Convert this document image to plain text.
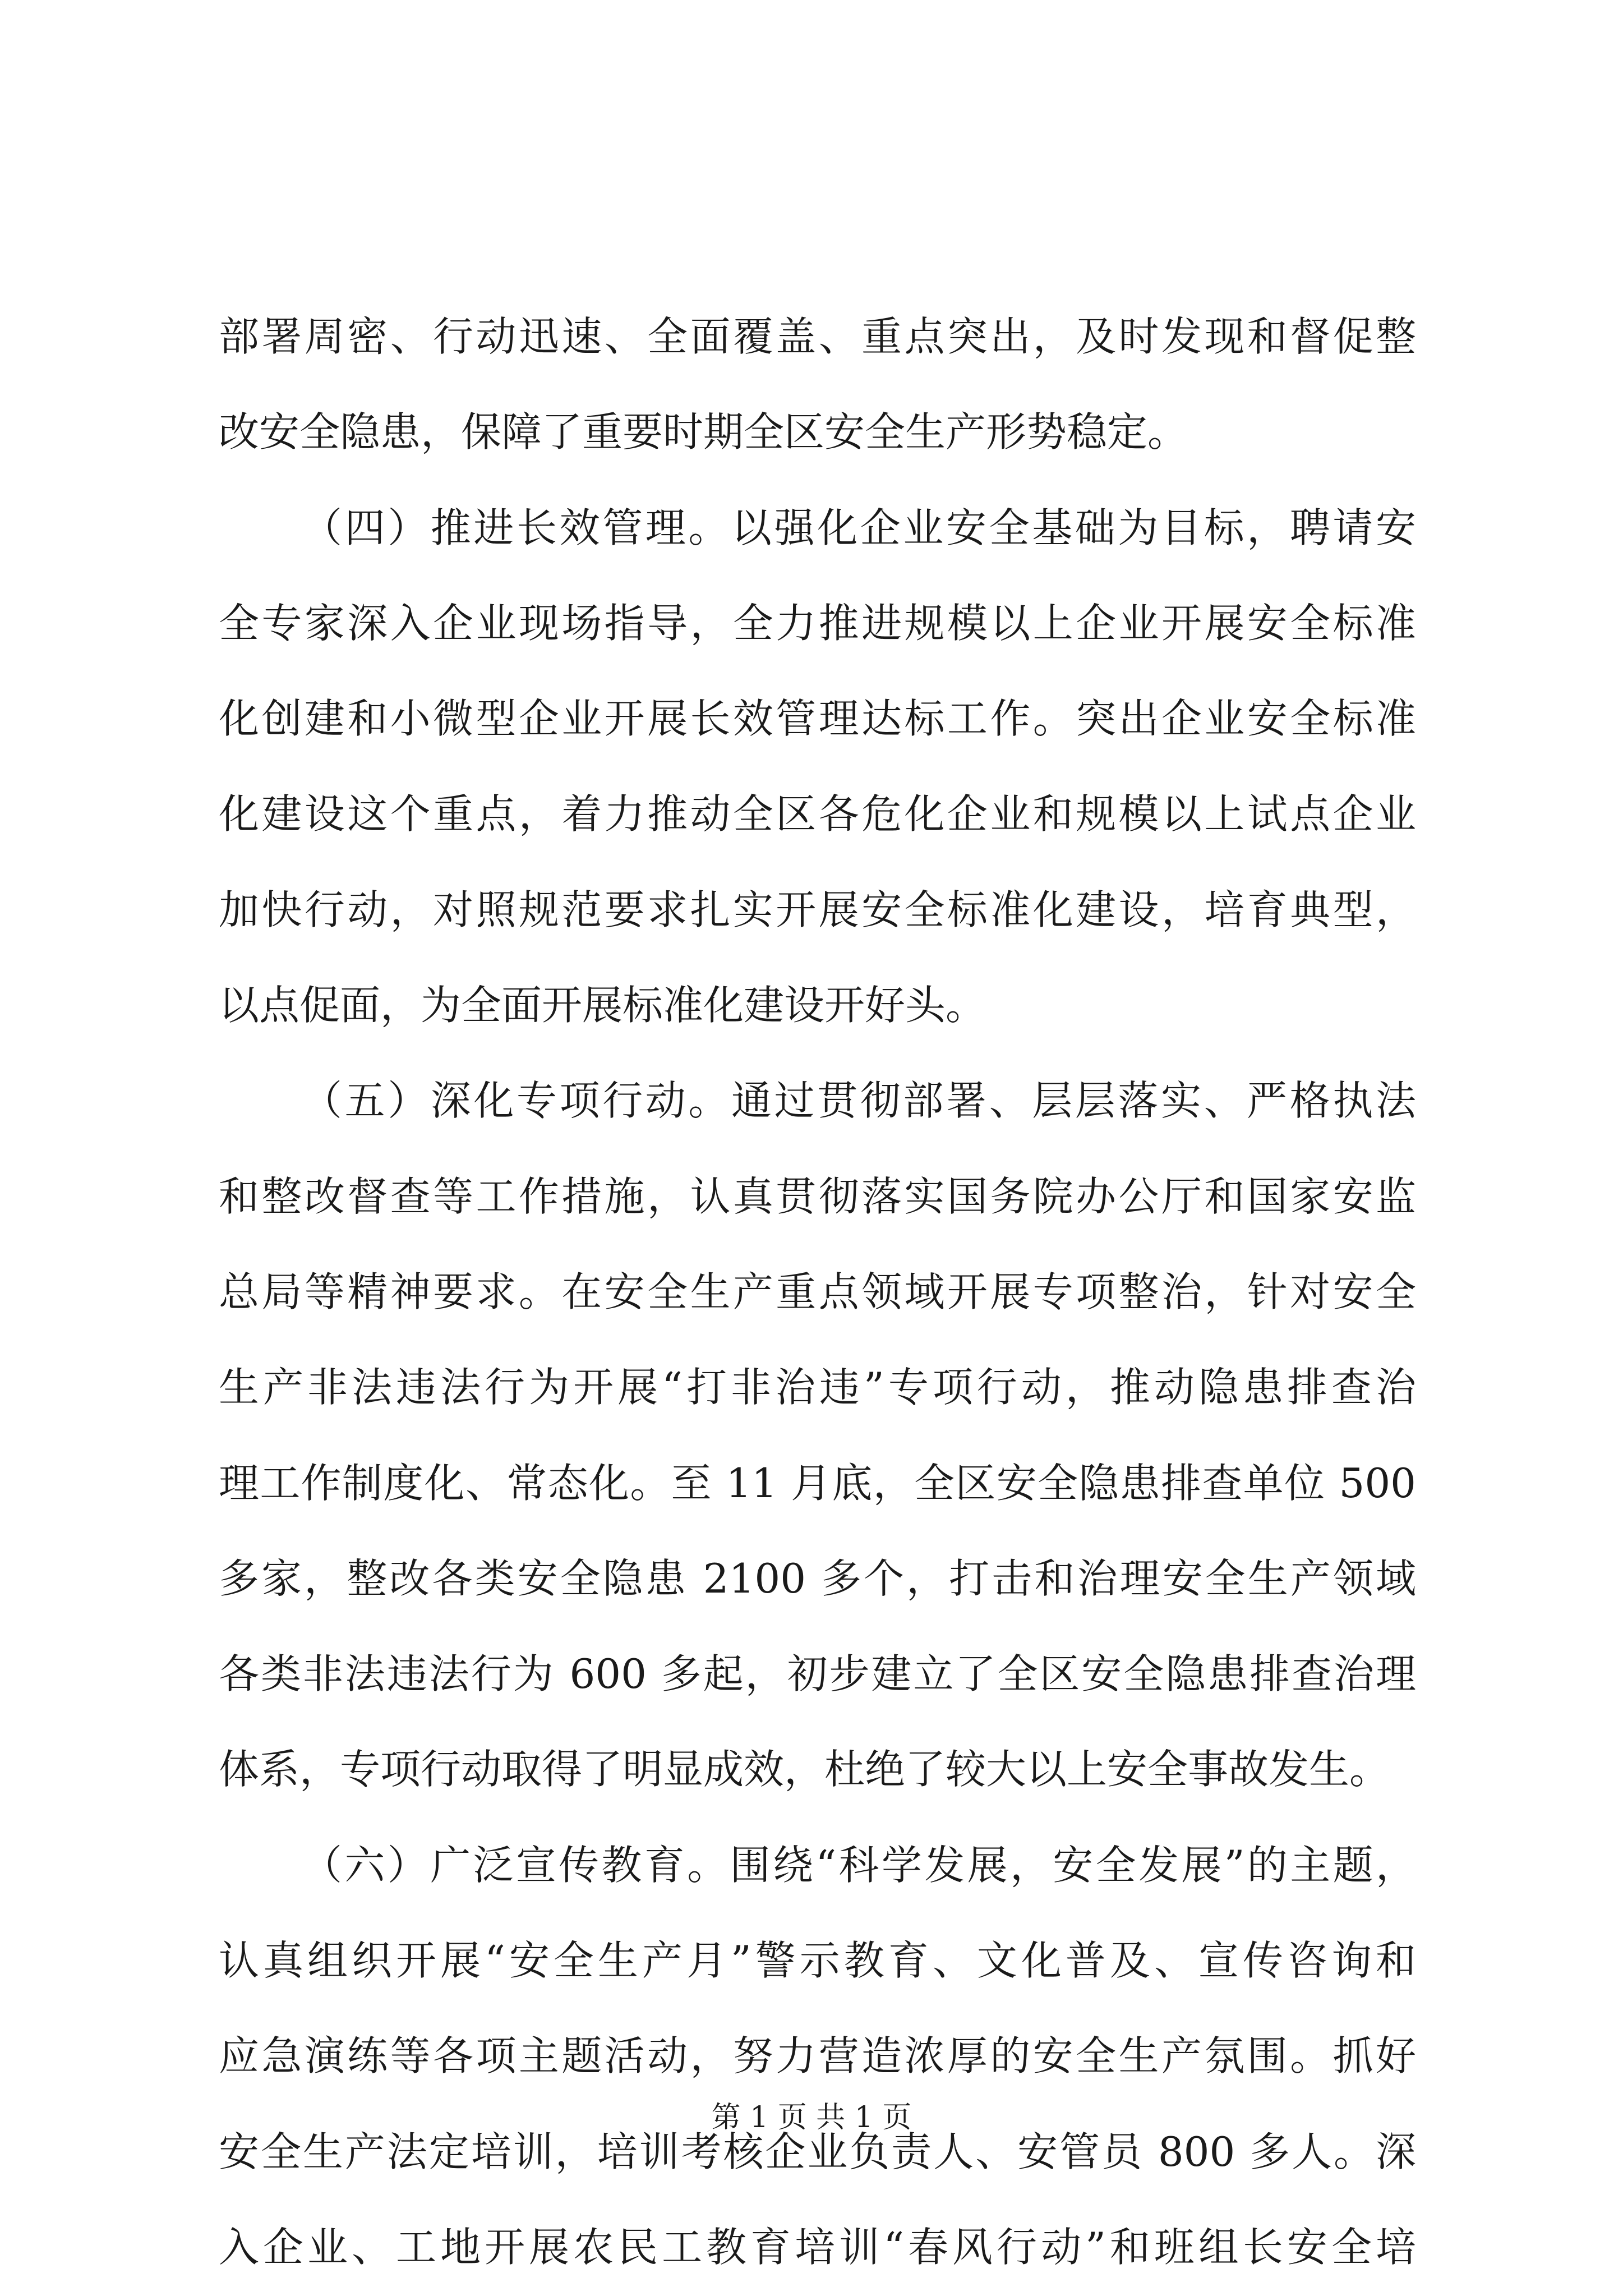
部署周密、行动迅速、全面覆盖、重点突出，及时发现和督促整
改安全隐患，保障了重要时期全区安全生产形势稳定。
（四）推进长效管理。以强化企业安全基础为目标，聘请安
全专家深入企业现场指导，全力推进规模以上企业开展安全标准
化创建和小微型企业开展长效管理达标工作。突出企业安全标准
化建设这个重点，着力推动全区各危化企业和规模以上试点企业
加快行动，对照规范要求扎实开展安全标准化建设，培育典型，
以点促面，为全面开展标准化建设开好头。
（五）深化专项行动。通过贯彻部署、层层落实、严格执法
和整改督查等工作措施，认真贯彻落实国务院办公厅和国家安监
总局等精神要求。在安全生产重点领域开展专项整治，针对安全
生产非法违法行为开展“打非治违”专项行动，推动隐患排查治
理工作制度化、常态化。至 11 月底，全区安全隐患排查单位 500
多家，整改各类安全隐患 2100 多个，打击和治理安全生产领域
各类非法违法行为 600 多起，初步建立了全区安全隐患排查治理
体系，专项行动取得了明显成效，杜绝了较大以上安全事故发生。
（六）广泛宣传教育。围绕“科学发展，安全发展”的主题，
认真组织开展“安全生产月”警示教育、文化普及、宣传咨询和
应急演练等各项主题活动，努力营造浓厚的安全生产氛围。抓好
安全生产法定培训，培训考核企业负责人、安管员 800 多人。深
入企业、工地开展农民工教育培训“春风行动”和班组长安全培
第 1 页 共 1 页
